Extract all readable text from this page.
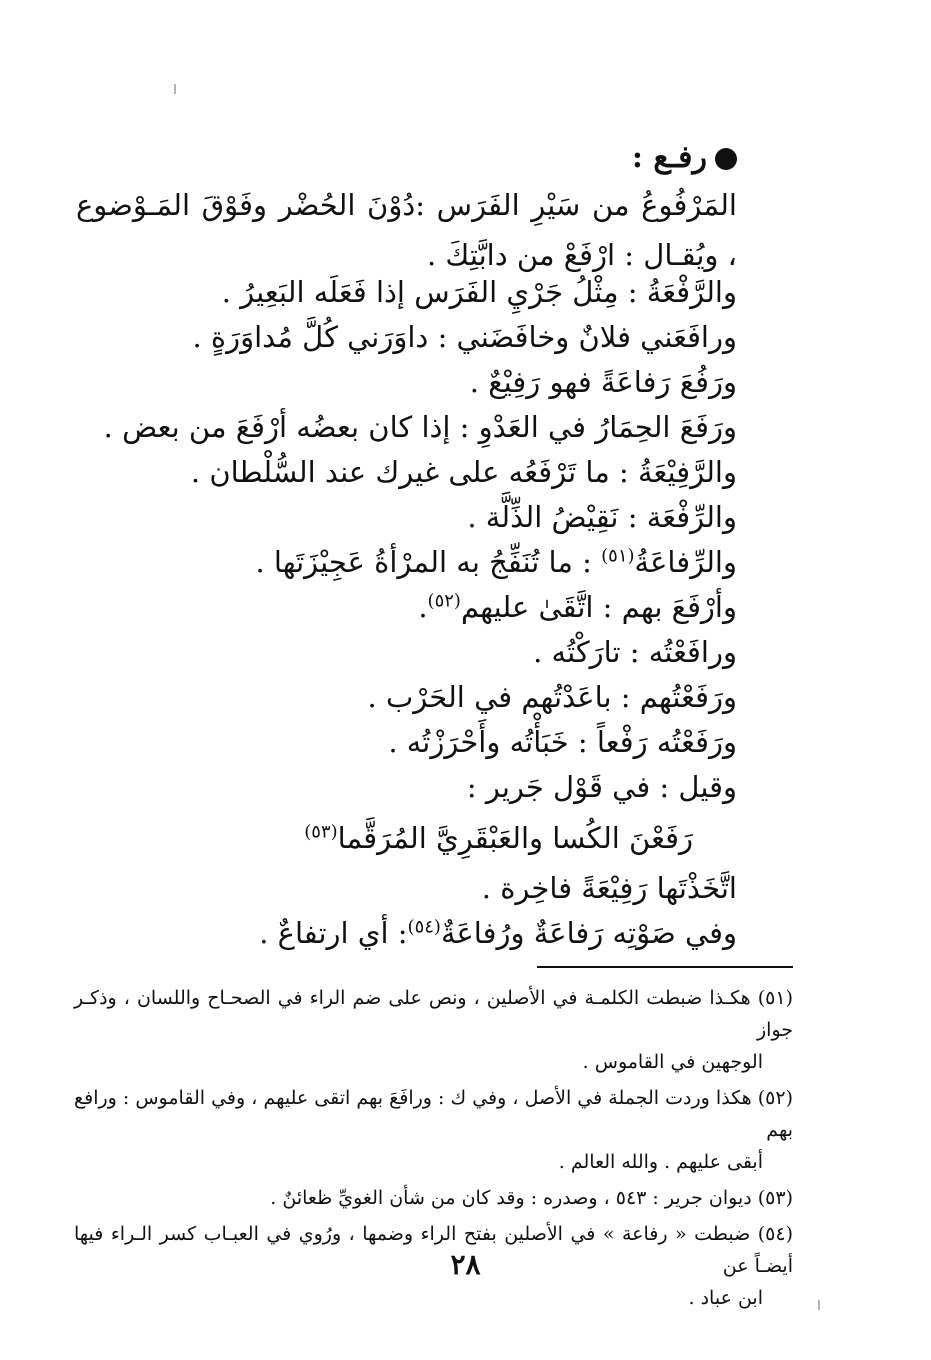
رفـع :
المَرْفُوعُ من سَيْرِ الفَرَس :دُوْنَ الحُضْر وفَوْقَ المَـوْضوع ، ويُقـال : ارْفَعْ من دابَّتِكَ .
والرَّفْعَةُ : مِثْلُ جَرْيِ الفَرَس إذا فَعَلَه البَعِيرُ .
ورافَعَني فلانٌ وخافَضَني : داوَرَني كُلَّ مُداوَرَةٍ .
ورَفُعَ رَفاعَةً فهو رَفِيْعٌ .
ورَفَعَ الحِمَارُ في العَدْوِ : إذا كان بعضُه أرْفَعَ من بعض .
والرَّفِيْعَةُ : ما تَرْفَعُه على غيرك عند السُّلْطان .
والرِّفْعَة : نَقِيْضُ الذِّلَّة .
والرِّفاعَةُ$^{(٥١)}$ : ما تُنَفِّجُ به المرْأةُ عَجِيْزَتَها .
وأرْفَعَ بهم : اتَّقَىٰ عليهم$^{(٥٢)}$.
ورافَعْتُه : تارَكْتُه .
ورَفَعْتُهم : باعَدْتُهم في الحَرْب .
ورَفَعْتُه رَفْعاً : خَبَأْتُه وأَحْرَزْتُه .
وقيل : في قَوْل جَرير :
رَفَعْنَ الكُسا والعَبْقَرِيَّ المُرَقَّما$^{(٥٣)}$
اتَّخَذْتَها رَفِيْعَةً فاخِرة .
وفي صَوْتِه رَفاعَةٌ ورُفاعَةٌ$^{(٥٤)}$: أي ارتفاعٌ .
(٥١) هكـذا ضبطت الكلمـة في الأصلين ، ونص على ضم الراء في الصحـاح واللسان ، وذكـر جواز
الوجهين في القاموس .
(٥٢) هكذا وردت الجملة في الأصل ، وفي ك : ورافَعَ بهم اتقى عليهم ، وفي القاموس : ورافع بهم
أبقى عليهم . والله العالم .
(٥٣) ديوان جرير : ٥٤٣ ، وصدره : وقد كان من شأن الغويِّ ظعائنٌ .
(٥٤) ضبطت « رفاعة » في الأصلين بفتح الراء وضمها ، ورُوي في العبـاب كسر الـراء فيها أيضـاً عن
ابن عباد .
٢٨
